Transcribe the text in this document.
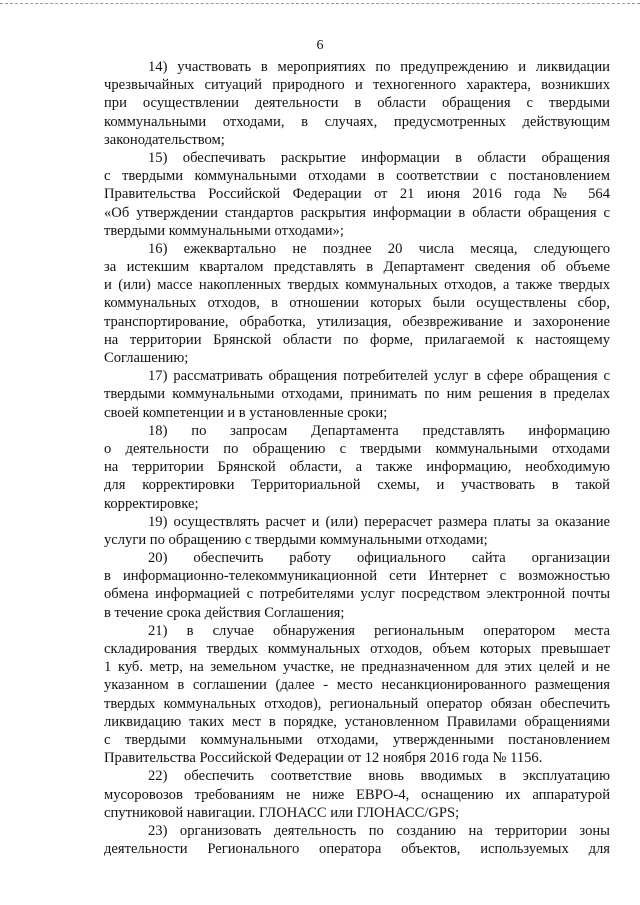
6
14) участвовать в мероприятиях по предупреждению и ликвидации
чрезвычайных ситуаций природного и техногенного характера, возникших
при осуществлении деятельности в области обращения с твердыми
коммунальными отходами, в случаях, предусмотренных действующим
законодательством;
15) обеспечивать раскрытие информации в области обращения
с твердыми коммунальными отходами в соответствии с постановлением
Правительства Российской Федерации от 21 июня 2016 года № 564
«Об утверждении стандартов раскрытия информации в области обращения с
твердыми коммунальными отходами»;
16) ежеквартально не позднее 20 числа месяца, следующего
за истекшим кварталом представлять в Департамент сведения об объеме
и (или) массе накопленных твердых коммунальных отходов, а также твердых
коммунальных отходов, в отношении которых были осуществлены сбор,
транспортирование, обработка, утилизация, обезвреживание и захоронение
на территории Брянской области по форме, прилагаемой к настоящему
Соглашению;
17) рассматривать обращения потребителей услуг в сфере обращения с
твердыми коммунальными отходами, принимать по ним решения в пределах
своей компетенции и в установленные сроки;
18) по запросам Департамента представлять информацию
о деятельности по обращению с твердыми коммунальными отходами
на территории Брянской области, а также информацию, необходимую
для корректировки Территориальной схемы, и участвовать в такой
корректировке;
19) осуществлять расчет и (или) перерасчет размера платы за оказание
услуги по обращению с твердыми коммунальными отходами;
20) обеспечить работу официального сайта организации
в информационно-телекоммуникационной сети Интернет с возможностью
обмена информацией с потребителями услуг посредством электронной почты
в течение срока действия Соглашения;
21) в случае обнаружения региональным оператором места
складирования твердых коммунальных отходов, объем которых превышает
1 куб. метр, на земельном участке, не предназначенном для этих целей и не
указанном в соглашении (далее - место несанкционированного размещения
твердых коммунальных отходов), региональный оператор обязан обеспечить
ликвидацию таких мест в порядке, установленном Правилами обращениями
с твердыми коммунальными отходами, утвержденными постановлением
Правительства Российской Федерации от 12 ноября 2016 года № 1156.
22) обеспечить соответствие вновь вводимых в эксплуатацию
мусоровозов требованиям не ниже ЕВРО-4, оснащению их аппаратурой
спутниковой навигации. ГЛОНАСС или ГЛОНАСС/GPS;
23) организовать деятельность по созданию на территории зоны
деятельности Регионального оператора объектов, используемых для
